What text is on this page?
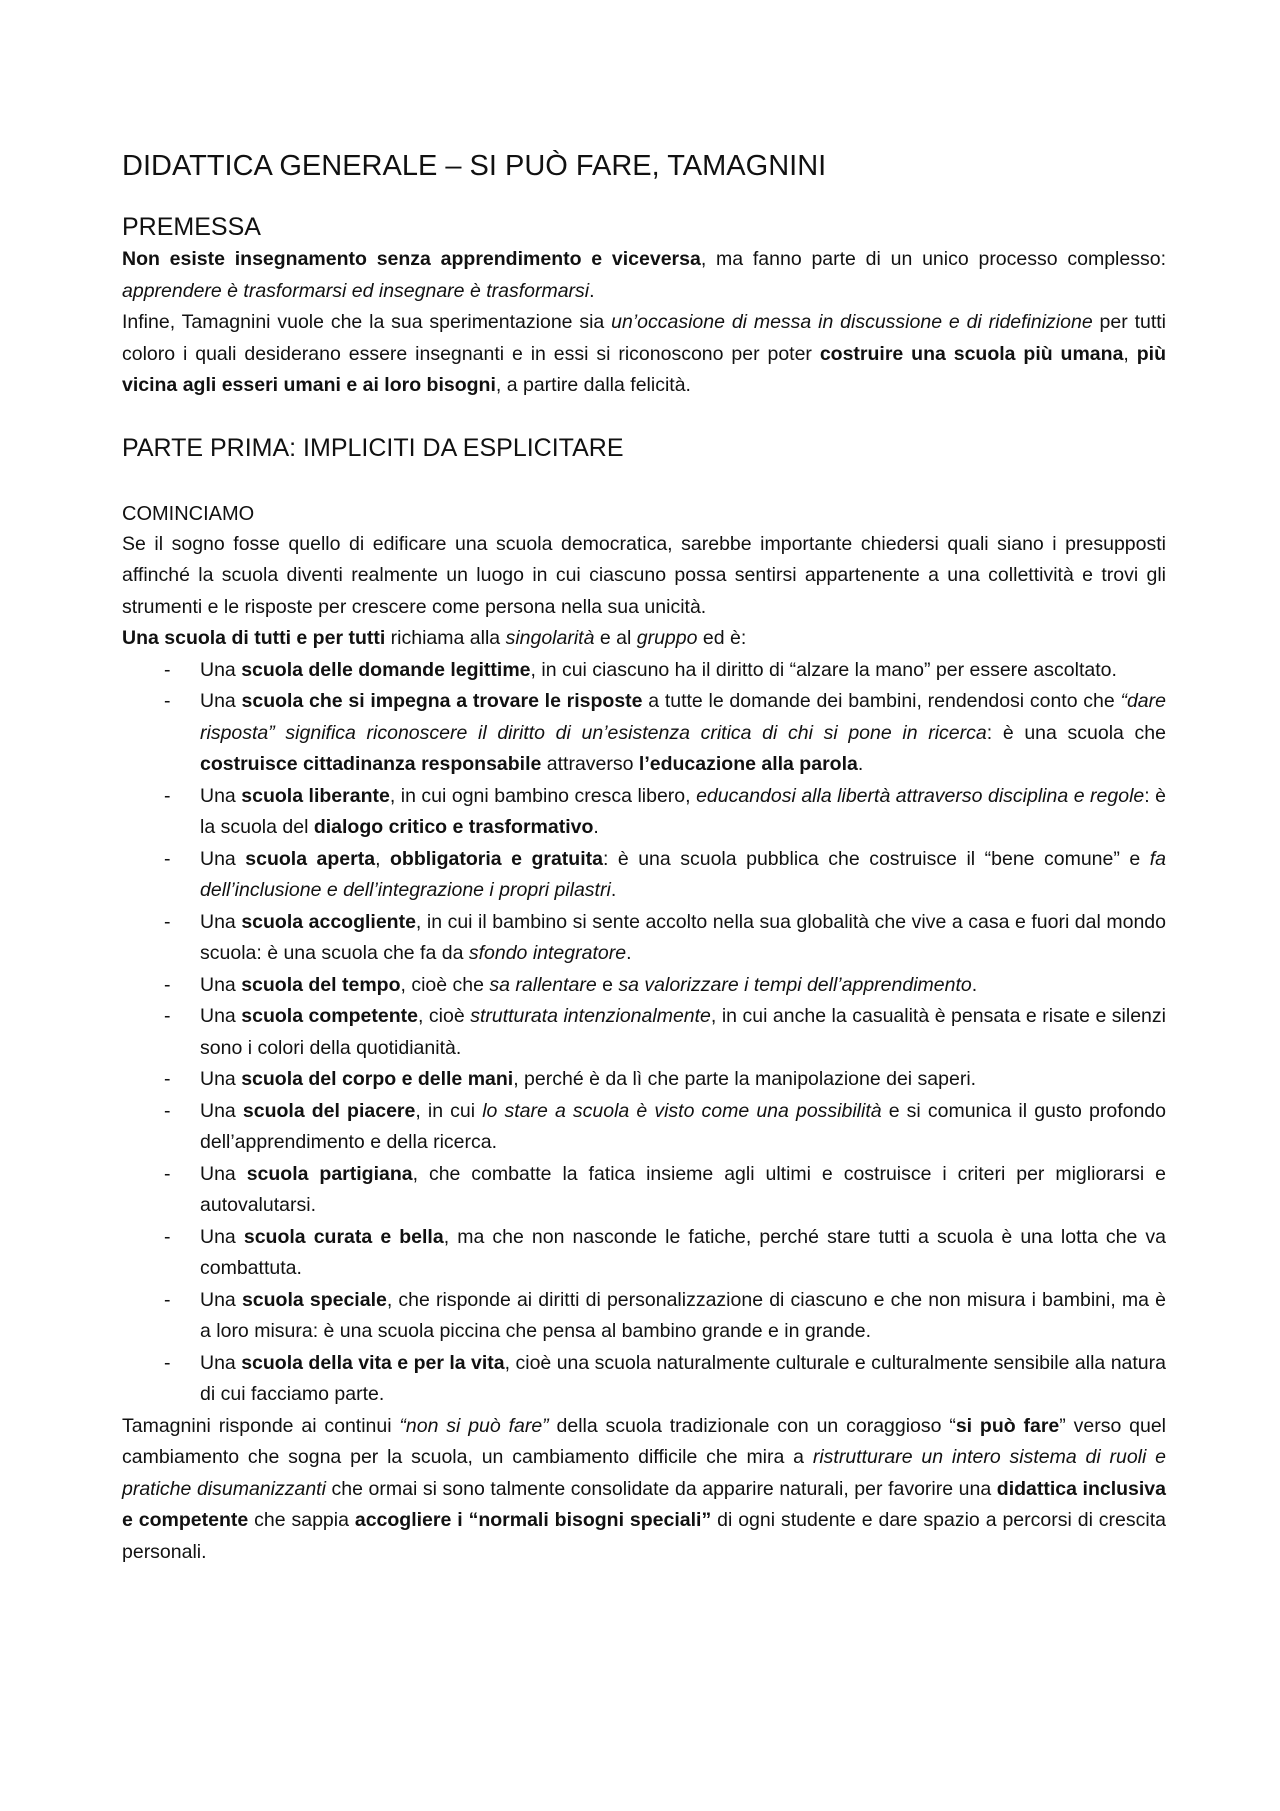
DIDATTICA GENERALE – SI PUÒ FARE, TAMAGNINI
PREMESSA

Non esiste insegnamento senza apprendimento e viceversa, ma fanno parte di un unico processo complesso: apprendere è trasformarsi ed insegnare è trasformarsi.

Infine, Tamagnini vuole che la sua sperimentazione sia un’occasione di messa in discussione e di ridefinizione per tutti coloro i quali desiderano essere insegnanti e in essi si riconoscono per poter costruire una scuola più umana, più vicina agli esseri umani e ai loro bisogni, a partire dalla felicità.

PARTE PRIMA: IMPLICITI DA ESPLICITARE
COMINCIAMO

Se il sogno fosse quello di edificare una scuola democratica, sarebbe importante chiedersi quali siano i presupposti affinché la scuola diventi realmente un luogo in cui ciascuno possa sentirsi appartenente a una collettività e trovi gli strumenti e le risposte per crescere come persona nella sua unicità.

Una scuola di tutti e per tutti richiama alla singolarità e al gruppo ed è:

- Una scuola delle domande legittime, in cui ciascuno ha il diritto di “alzare la mano” per essere ascoltato.
- Una scuola che si impegna a trovare le risposte a tutte le domande dei bambini, rendendosi conto che “dare risposta” significa riconoscere il diritto di un’esistenza critica di chi si pone in ricerca: è una scuola che costruisce cittadinanza responsabile attraverso l’educazione alla parola.
- Una scuola liberante, in cui ogni bambino cresca libero, educandosi alla libertà attraverso disciplina e regole: è la scuola del dialogo critico e trasformativo.
- Una scuola aperta, obbligatoria e gratuita: è una scuola pubblica che costruisce il “bene comune” e fa dell’inclusione e dell’integrazione i propri pilastri.
- Una scuola accogliente, in cui il bambino si sente accolto nella sua globalità che vive a casa e fuori dal mondo scuola: è una scuola che fa da sfondo integratore.
- Una scuola del tempo, cioè che sa rallentare e sa valorizzare i tempi dell’apprendimento.
- Una scuola competente, cioè strutturata intenzionalmente, in cui anche la casualità è pensata e risate e silenzi sono i colori della quotidianità.
- Una scuola del corpo e delle mani, perché è da lì che parte la manipolazione dei saperi.
- Una scuola del piacere, in cui lo stare a scuola è visto come una possibilità e si comunica il gusto profondo dell’apprendimento e della ricerca.
- Una scuola partigiana, che combatte la fatica insieme agli ultimi e costruisce i criteri per migliorarsi e autovalutarsi.
- Una scuola curata e bella, ma che non nasconde le fatiche, perché stare tutti a scuola è una lotta che va combattuta.
- Una scuola speciale, che risponde ai diritti di personalizzazione di ciascuno e che non misura i bambini, ma è a loro misura: è una scuola piccina che pensa al bambino grande e in grande.
- Una scuola della vita e per la vita, cioè una scuola naturalmente culturale e culturalmente sensibile alla natura di cui facciamo parte.

Tamagnini risponde ai continui “non si può fare” della scuola tradizionale con un coraggioso “si può fare” verso quel cambiamento che sogna per la scuola, un cambiamento difficile che mira a ristrutturare un intero sistema di ruoli e pratiche disumanizzanti che ormai si sono talmente consolidate da apparire naturali, per favorire una didattica inclusiva e competente che sappia accogliere i “normali bisogni speciali” di ogni studente e dare spazio a percorsi di crescita personali.
